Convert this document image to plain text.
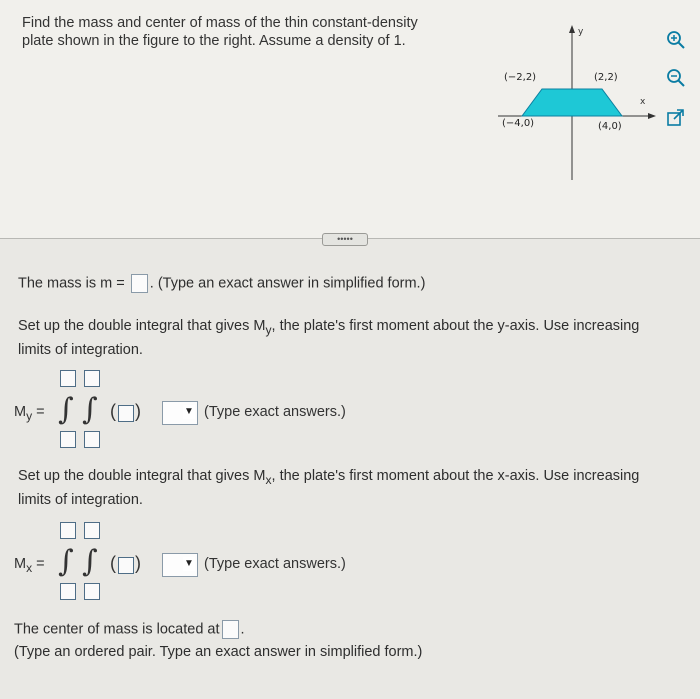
Find the mass and center of mass of the thin constant-density
plate shown in the figure to the right. Assume a density of 1.
y
x
(−2,2)	(2,2)
(−4,0)	(4,0)
•••••
The mass is m = . (Type an exact answer in simplified form.)
Set up the double integral that gives $M_y$, the plate's first moment about the y-axis. Use increasing
limits of integration.
$M_y$ = ∫ ∫ ( )	▼ (Type exact answers.)
Set up the double integral that gives $M_x$, the plate's first moment about the x-axis. Use increasing
limits of integration.
$M_x$ = ∫ ∫ ( )	▼ (Type exact answers.)
The center of mass is located at .
(Type an ordered pair. Type an exact answer in simplified form.)
